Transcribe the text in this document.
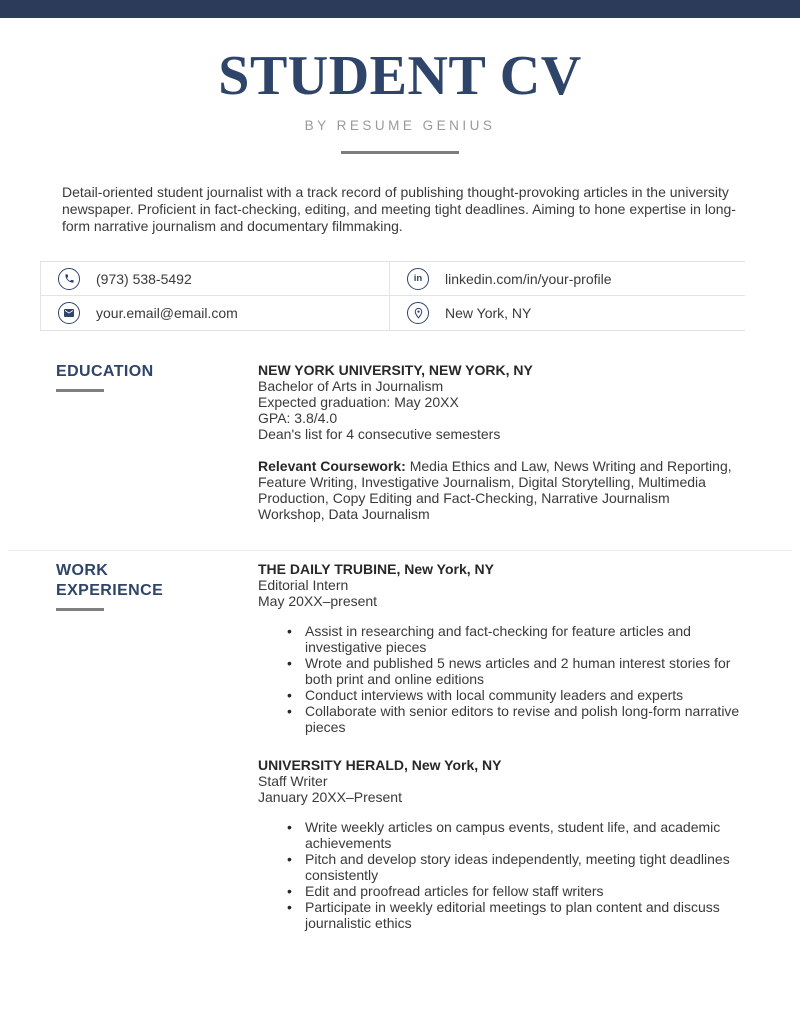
STUDENT CV
BY RESUME GENIUS

Detail-oriented student journalist with a track record of publishing thought-provoking articles in the university newspaper. Proficient in fact-checking, editing, and meeting tight deadlines. Aiming to hone expertise in long-form narrative journalism and documentary filmmaking.

(973) 538-5492	in linkedin.com/in/your-profile
your.email@email.com	New York, NY
EDUCATION	NEW YORK UNIVERSITY, NEW YORK, NY
Bachelor of Arts in Journalism
Expected graduation: May 20XX
GPA: 3.8/4.0
Dean's list for 4 consecutive semesters

Relevant Coursework: Media Ethics and Law, News Writing and Reporting, Feature Writing, Investigative Journalism, Digital Storytelling, Multimedia Production, Copy Editing and Fact-Checking, Narrative Journalism Workshop, Data Journalism

WORK
EXPERIENCE
THE DAILY TRUBINE, New York, NY
Editorial Intern
May 20XX–present
• Assist in researching and fact-checking for feature articles and investigative pieces
• Wrote and published 5 news articles and 2 human interest stories for both print and online editions
• Conduct interviews with local community leaders and experts
• Collaborate with senior editors to revise and polish long-form narrative pieces
UNIVERSITY HERALD, New York, NY
Staff Writer
January 20XX–Present
• Write weekly articles on campus events, student life, and academic achievements
• Pitch and develop story ideas independently, meeting tight deadlines consistently
• Edit and proofread articles for fellow staff writers
• Participate in weekly editorial meetings to plan content and discuss journalistic ethics
